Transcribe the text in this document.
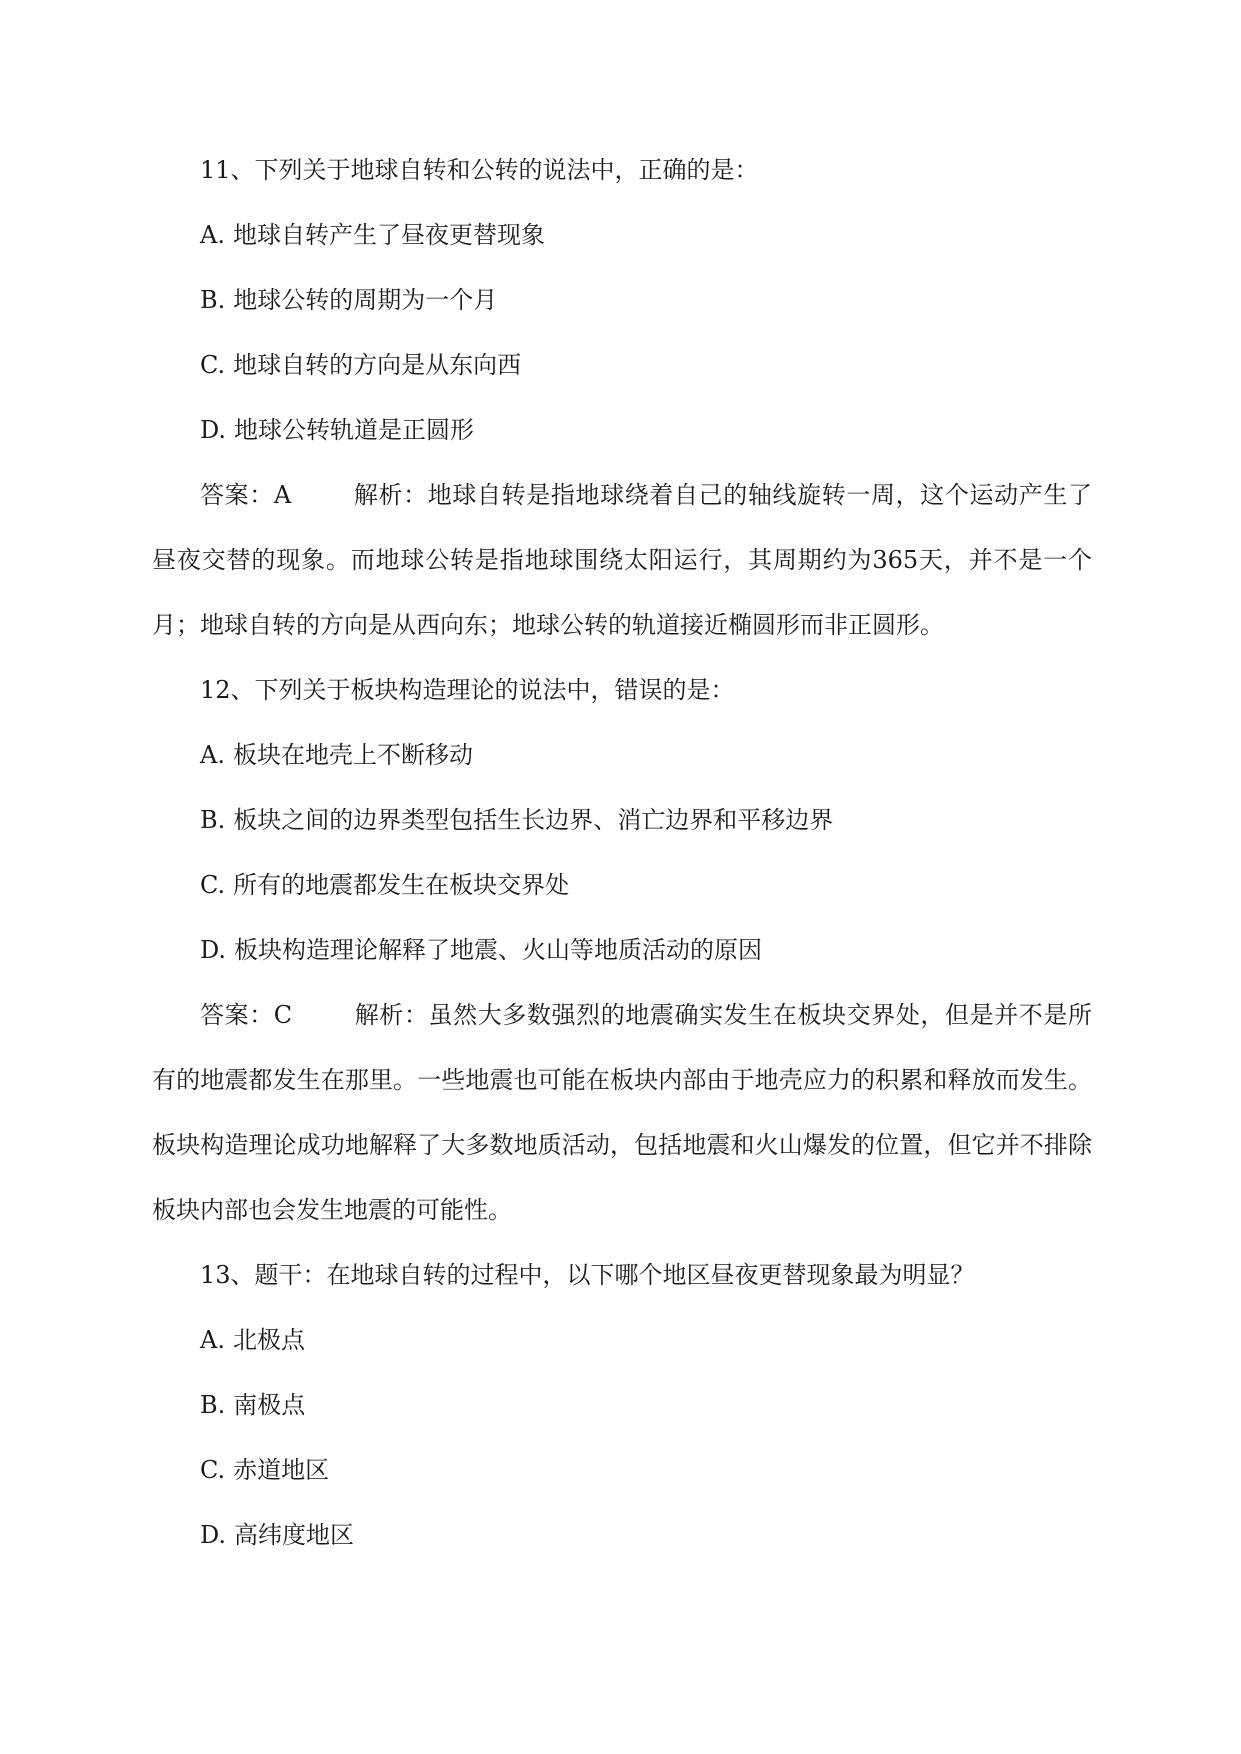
11、下列关于地球自转和公转的说法中，正确的是：
A. 地球自转产生了昼夜更替现象
B. 地球公转的周期为一个月
C. 地球自转的方向是从东向西
D. 地球公转轨道是正圆形

答案：A	解析：地球自转是指地球绕着自己的轴线旋转一周，这个运动产生了昼夜交替的现象。而地球公转是指地球围绕太阳运行，其周期约为365天，并不是一个月；地球自转的方向是从西向东；地球公转的轨道接近椭圆形而非正圆形。

12、下列关于板块构造理论的说法中，错误的是：
A. 板块在地壳上不断移动
B. 板块之间的边界类型包括生长边界、消亡边界和平移边界
C. 所有的地震都发生在板块交界处
D. 板块构造理论解释了地震、火山等地质活动的原因

答案：C	解析：虽然大多数强烈的地震确实发生在板块交界处，但是并不是所有的地震都发生在那里。一些地震也可能在板块内部由于地壳应力的积累和释放而发生。板块构造理论成功地解释了大多数地质活动，包括地震和火山爆发的位置，但它并不排除板块内部也会发生地震的可能性。

13、题干：在地球自转的过程中，以下哪个地区昼夜更替现象最为明显？
A. 北极点
B. 南极点
C. 赤道地区
D. 高纬度地区
